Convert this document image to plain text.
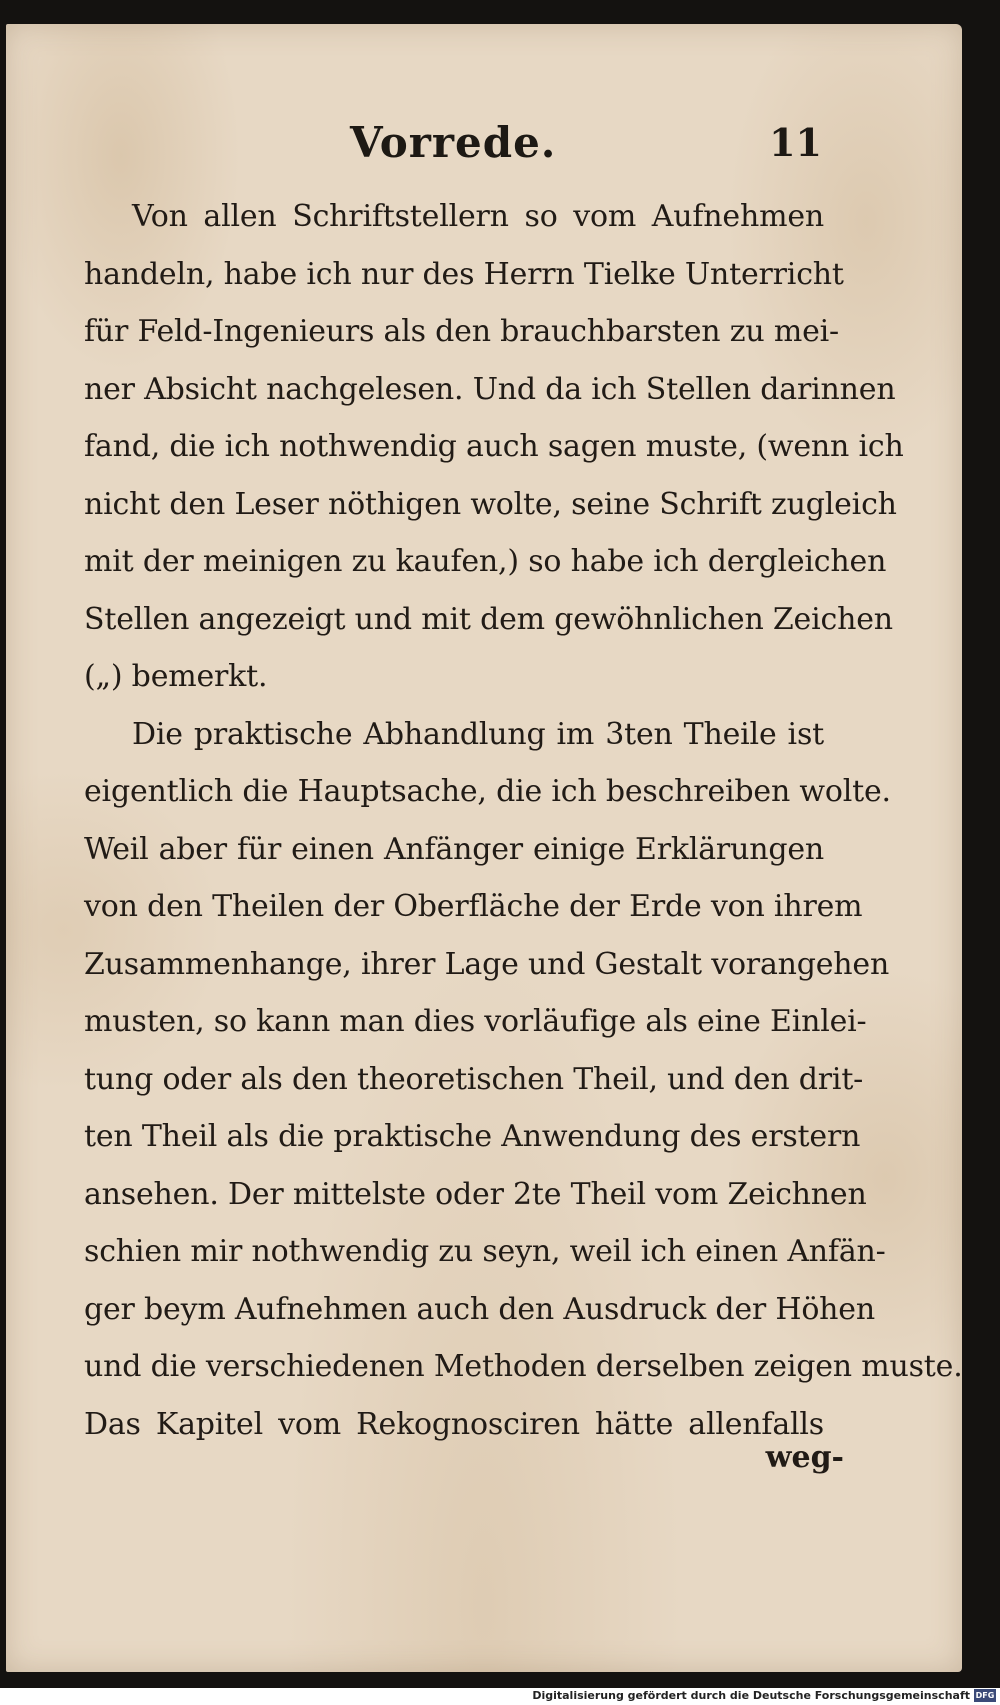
Vorrede.	11
Von allen Schriftstellern so vom Aufnehmen
handeln, habe ich nur des Herrn Tielke Unterricht
für Feld-Ingenieurs als den brauchbarsten zu mei-
ner Absicht nachgelesen. Und da ich Stellen darinnen
fand, die ich nothwendig auch sagen muste, (wenn ich
nicht den Leser nöthigen wolte, seine Schrift zugleich
mit der meinigen zu kaufen,) so habe ich dergleichen
Stellen angezeigt und mit dem gewöhnlichen Zeichen
(„) bemerkt.
Die praktische Abhandlung im 3ten Theile ist
eigentlich die Hauptsache, die ich beschreiben wolte.
Weil aber für einen Anfänger einige Erklärungen
von den Theilen der Oberfläche der Erde von ihrem
Zusammenhange, ihrer Lage und Gestalt vorangehen
musten, so kann man dies vorläufige als eine Einlei-
tung oder als den theoretischen Theil, und den drit-
ten Theil als die praktische Anwendung des erstern
ansehen. Der mittelste oder 2te Theil vom Zeichnen
schien mir nothwendig zu seyn, weil ich einen Anfän-
ger beym Aufnehmen auch den Ausdruck der Höhen
und die verschiedenen Methoden derselben zeigen muste.
Das Kapitel vom Rekognosciren hätte allenfalls
weg-
Digitalisierung gefördert durch die Deutsche Forschungsgemeinschaft DFG
